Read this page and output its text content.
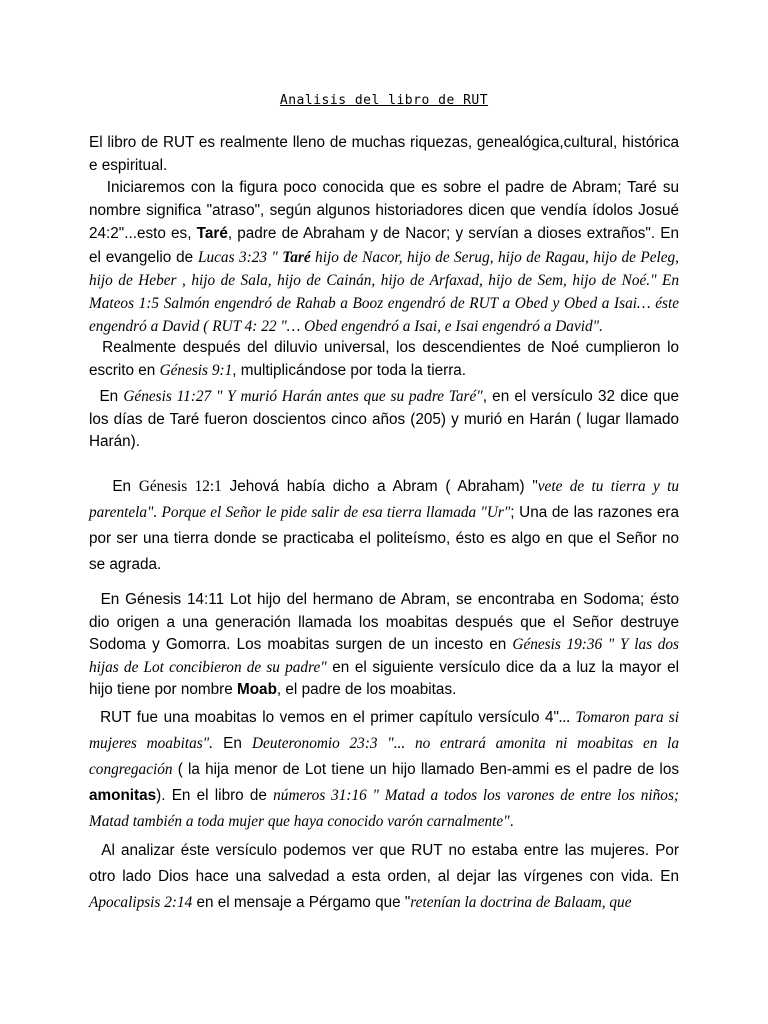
Analisis del libro de RUT
El libro de RUT es realmente lleno de muchas riquezas, genealógica,cultural, histórica e espiritual.
Iniciaremos con la figura poco conocida que es sobre el padre de Abram; Taré su nombre significa "atraso", según algunos historiadores dicen que vendía ídolos Josué 24:2"...esto es, Taré, padre de Abraham y de Nacor; y servían a dioses extraños". En el evangelio de Lucas 3:23 " Taré hijo de Nacor, hijo de Serug, hijo de Ragau, hijo de Peleg, hijo de Heber , hijo de Sala, hijo de Cainán, hijo de Arfaxad, hijo de Sem, hijo de Noé." En Mateos 1:5 Salmón engendró de Rahab a Booz engendró de RUT a Obed y Obed a Isai… éste engendró a David ( RUT 4: 22 "… Obed engendró a Isai, e Isai engendró a David".
Realmente después del diluvio universal, los descendientes de Noé cumplieron lo escrito en Génesis 9:1, multiplicándose por toda la tierra.
En Génesis 11:27 " Y murió Harán antes que su padre Taré", en el versículo 32 dice que los días de Taré fueron doscientos cinco años (205) y murió en Harán ( lugar llamado Harán).
En Génesis 12:1 Jehová había dicho a Abram ( Abraham) "vete de tu tierra y tu parentela". Porque el Señor le pide salir de esa tierra llamada "Ur"; Una de las razones era por ser una tierra donde se practicaba el politeísmo, ésto es algo en que el Señor no se agrada.
En Génesis 14:11 Lot hijo del hermano de Abram, se encontraba en Sodoma; ésto dio origen a una generación llamada los moabitas después que el Señor destruye Sodoma y Gomorra. Los moabitas surgen de un incesto en Génesis 19:36 " Y las dos hijas de Lot concibieron de su padre" en el siguiente versículo dice da a luz la mayor el hijo tiene por nombre Moab, el padre de los moabitas.
RUT fue una moabitas lo vemos en el primer capítulo versículo 4"... Tomaron para si mujeres moabitas". En Deuteronomio 23:3 "... no entrará amonita ni moabitas en la congregación ( la hija menor de Lot tiene un hijo llamado Ben-ammi es el padre de los amonitas). En el libro de números 31:16 " Matad a todos los varones de entre los niños; Matad también a toda mujer que haya conocido varón carnalmente".
Al analizar éste versículo podemos ver que RUT no estaba entre las mujeres. Por otro lado Dios hace una salvedad a esta orden, al dejar las vírgenes con vida. En Apocalipsis 2:14 en el mensaje a Pérgamo que "retenían la doctrina de Balaam, que
